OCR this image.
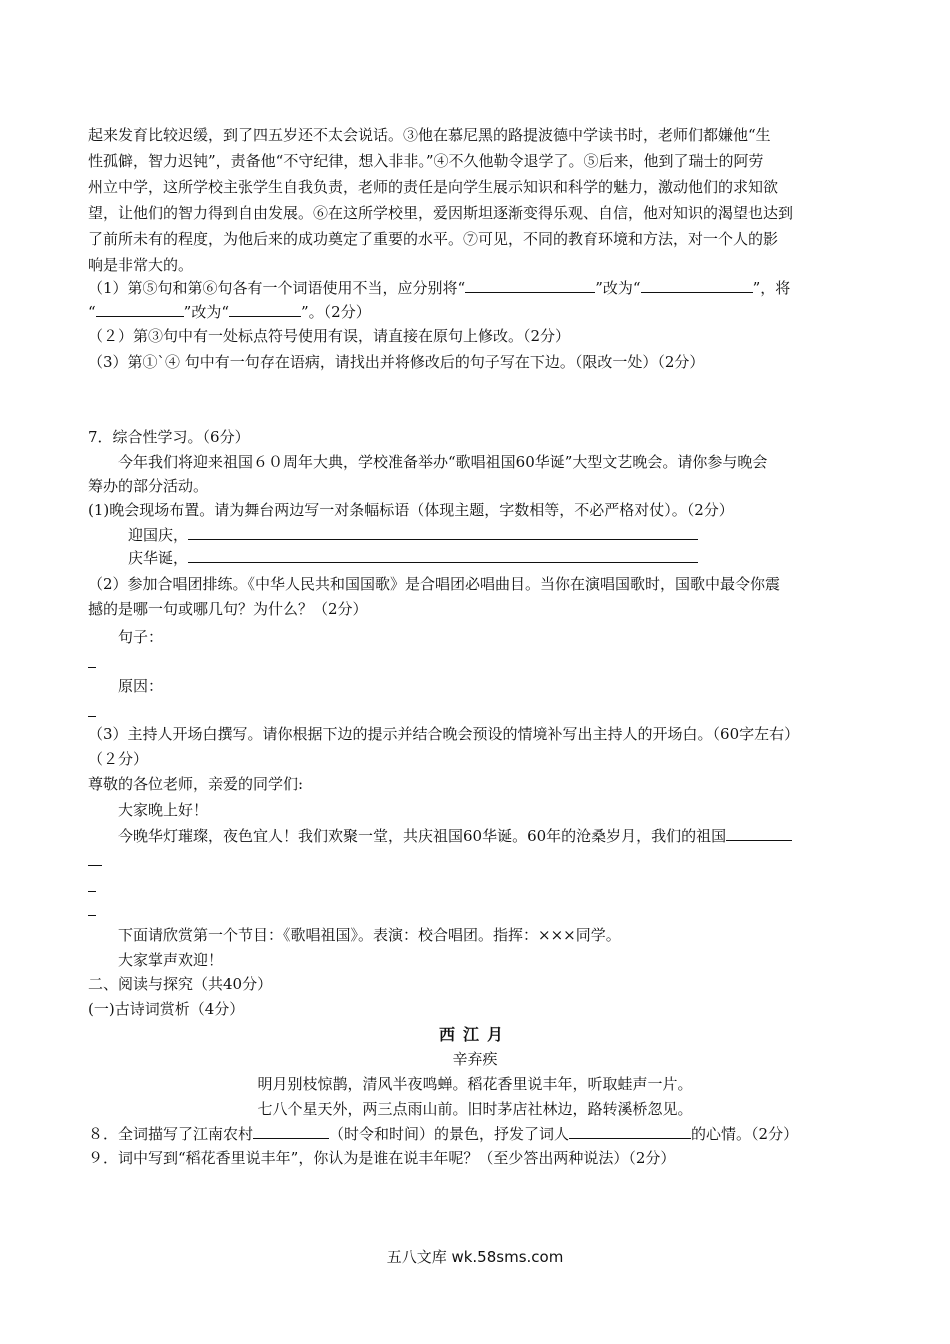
起来发育比较迟缓，到了四五岁还不太会说话。③他在慕尼黑的路提波德中学读书时，老师们都嫌他“生
性孤僻，智力迟钝”，责备他“不守纪律，想入非非。”④不久他勒令退学了。⑤后来，他到了瑞士的阿劳
州立中学，这所学校主张学生自我负责，老师的责任是向学生展示知识和科学的魅力，激动他们的求知欲
望，让他们的智力得到自由发展。⑥在这所学校里，爱因斯坦逐渐变得乐观、自信，他对知识的渴望也达到
了前所未有的程度，为他后来的成功奠定了重要的水平。⑦可见，不同的教育环境和方法，对一个人的影
响是非常大的。
（1）第⑤句和第⑥句各有一个词语使用不当，应分别将“	”改为“	”，将
“	”改为“	”。（2分）
（２）第③句中有一处标点符号使用有误，请直接在原句上修改。（2分）
（3）第①`④ 句中有一句存在语病，请找出并将修改后的句子写在下边。（限改一处）（2分）
7．综合性学习。（6分）
今年我们将迎来祖国６０周年大典，学校准备举办“歌唱祖国60华诞”大型文艺晚会。请你参与晚会
筹办的部分活动。
(1)晚会现场布置。请为舞台两边写一对条幅标语（体现主题，字数相等，不必严格对仗）。（2分）
迎国庆，
庆华诞，
（2）参加合唱团排练。《中华人民共和国国歌》是合唱团必唱曲目。当你在演唱国歌时，国歌中最令你震
撼的是哪一句或哪几句？为什么？（2分）
句子：
原因：
（3）主持人开场白撰写。请你根据下边的提示并结合晚会预设的情境补写出主持人的开场白。（60字左右）
（２分）
尊敬的各位老师，亲爱的同学们:
大家晚上好！
今晚华灯璀璨，夜色宜人！我们欢聚一堂，共庆祖国60华诞。60年的沧桑岁月，我们的祖国
下面请欣赏第一个节目：《歌唱祖国》。表演：校合唱团。指挥：×××同学。
大家掌声欢迎！
二、阅读与探究（共40分）
(一)古诗词赏析（4分）
西江月
辛弃疾
明月别枝惊鹊，清风半夜鸣蝉。稻花香里说丰年，听取蛙声一片。
七八个星天外，两三点雨山前。旧时茅店社林边，路转溪桥忽见。
８．全词描写了江南农村	（时令和时间）的景色，抒发了词人	的心情。（2分）
９．词中写到“稻花香里说丰年”，你认为是谁在说丰年呢？（至少答出两种说法）（2分）
五八文库 wk.58sms.com
